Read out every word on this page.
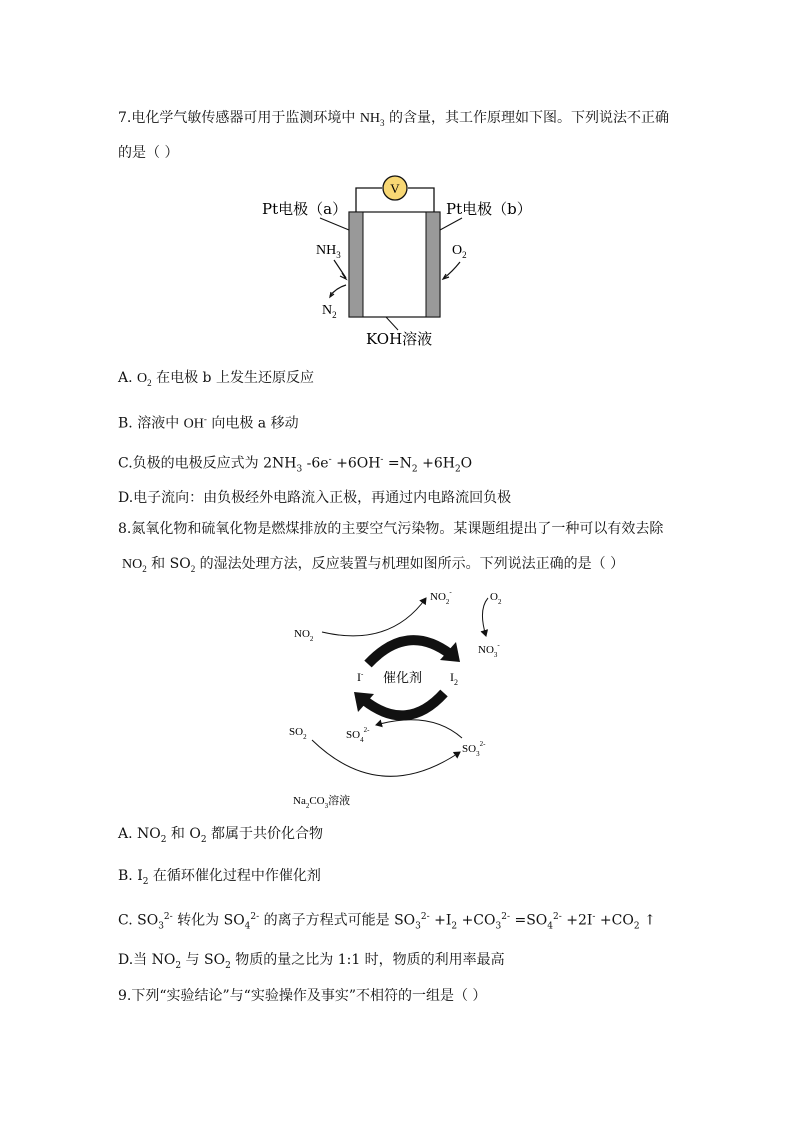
7.电化学气敏传感器可用于监测环境中 $NH_3$ 的含量，其工作原理如下图。下列说法不正确
的是（ ）
V
Pt电极（a）	Pt电极（b）
$NH_3$	$O_2$
$N_2$
KOH溶液
A. $O_2$ 在电极 b 上发生还原反应
B. 溶液中 OH- 向电极 a 移动
C.负极的电极反应式为 $2NH_3$ $-6e^- +6OH^- =N_2 +6H_2O$
D.电子流向：由负极经外电路流入正极，再通过内电路流回负极
8.氮氧化物和硫氧化物是燃煤排放的主要空气污染物。某课题组提出了一种可以有效去除
$NO_2$ 和 $SO_2$ 的湿法处理方法，反应装置与机理如图所示。下列说法正确的是（ ）
$NO_2^-$	$O_2$
$NO_2$
$NO_3^-$
I- 催化剂 $I_2$
$SO_2$	$SO_4^{2-}$
$SO_3^{2-}$
$Na_2CO_3$溶液
A. $NO_2$ 和 $O_2$ 都属于共价化合物
B. $I_2$ 在循环催化过程中作催化剂
C. $SO_3^{2-}$ 转化为 $SO_4^{2-}$ 的离子方程式可能是 $SO_3^{2-} +I_2 +CO_3^{2-} =SO_4^{2-} +2I^- +CO_2$ ↑
D.当 $NO_2$ 与 $SO_2$ 物质的量之比为 1:1 时，物质的利用率最高
9.下列“实验结论”与“实验操作及事实”不相符的一组是（ ）
